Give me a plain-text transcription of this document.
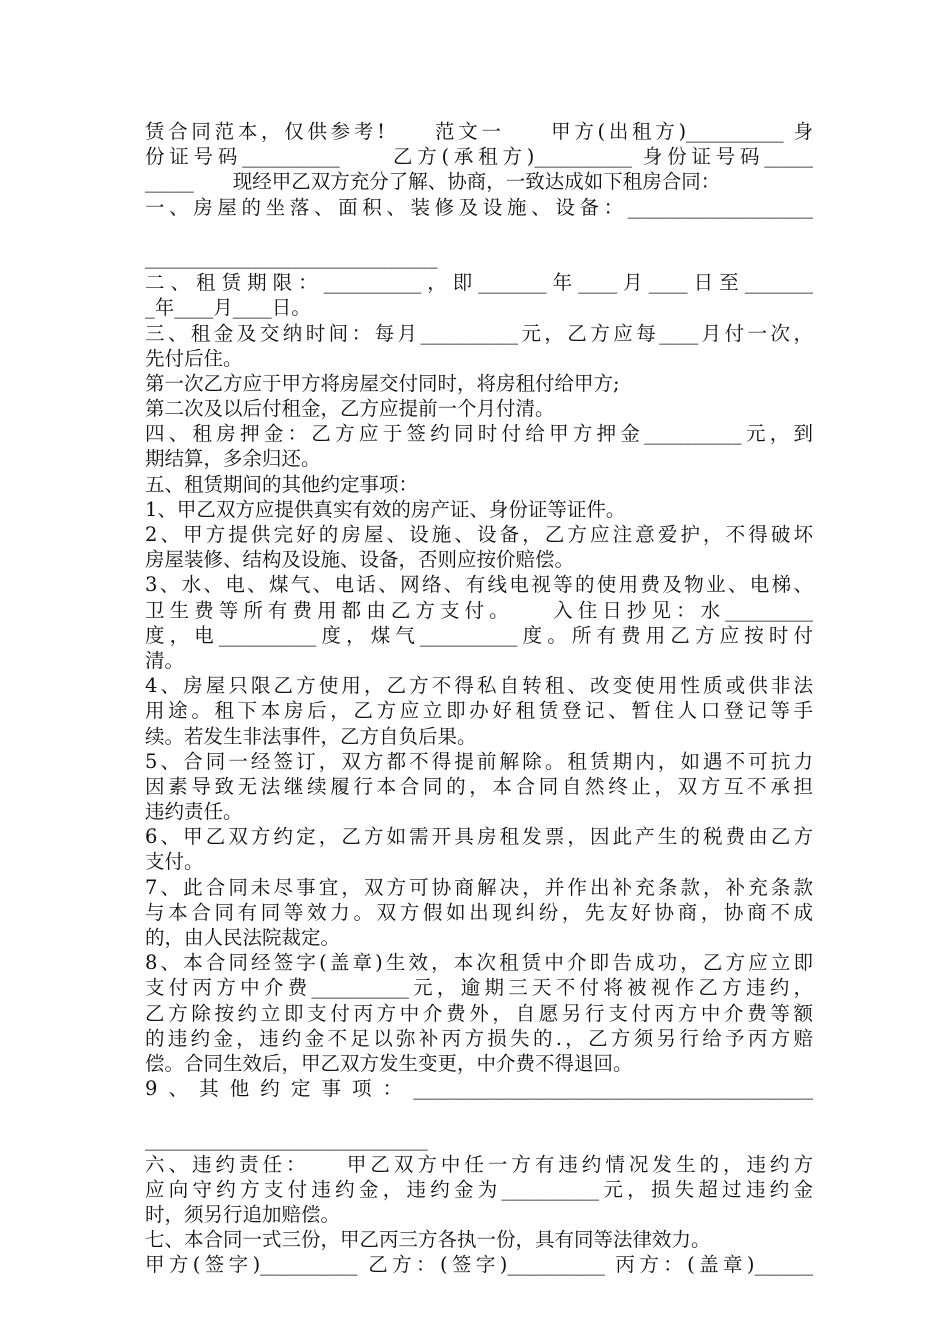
赁合同范本，仅供参考!　　范文一　　甲方(出租方)__________ 身
份证号码__________　　乙方(承租方)__________ 身份证号码_____
_____　　现经甲乙双方充分了解、协商，一致达成如下租房合同：
一、房屋的坐落、面积、装修及设施、设备：___________________
______________________________
二、租赁期限：__________，即_______年____月____日至_______
_年____月____日。
三、租金及交纳时间：每月__________元，乙方应每____月付一次，
先付后住。
第一次乙方应于甲方将房屋交付同时，将房租付给甲方;
第二次及以后付租金，乙方应提前一个月付清。
四、租房押金：乙方应于签约同时付给甲方押金__________元，到
期结算，多余归还。
五、租赁期间的其他约定事项：
1、甲乙双方应提供真实有效的房产证、身份证等证件。
2、甲方提供完好的房屋、设施、设备，乙方应注意爱护，不得破坏
房屋装修、结构及设施、设备，否则应按价赔偿。
3、水、电、煤气、电话、网络、有线电视等的使用费及物业、电梯、
卫生费等所有费用都由乙方支付。　　入住日抄见：水_________
度，电__________度，煤气__________度。所有费用乙方应按时付
清。
4、房屋只限乙方使用，乙方不得私自转租、改变使用性质或供非法
用途。租下本房后，乙方应立即办好租赁登记、暂住人口登记等手
续。若发生非法事件，乙方自负后果。
5、合同一经签订，双方都不得提前解除。租赁期内，如遇不可抗力
因素导致无法继续履行本合同的，本合同自然终止，双方互不承担
违约责任。
6、甲乙双方约定，乙方如需开具房租发票，因此产生的税费由乙方
支付。
7、此合同未尽事宜，双方可协商解决，并作出补充条款，补充条款
与本合同有同等效力。双方假如出现纠纷，先友好协商，协商不成
的，由人民法院裁定。
8、本合同经签字(盖章)生效，本次租赁中介即告成功，乙方应立即
支付丙方中介费__________元，逾期三天不付将被视作乙方违约，
乙方除按约立即支付丙方中介费外，自愿另行支付丙方中介费等额
的违约金，违约金不足以弥补丙方损失的.，乙方须另行给予丙方赔
偿。合同生效后，甲乙双方发生变更，中介费不得退回。
9、其他约定事项：_________________________________________
_____________________________
六、违约责任：　　甲乙双方中任一方有违约情况发生的，违约方
应向守约方支付违约金，违约金为__________元，损失超过违约金
时，须另行追加赔偿。
七、本合同一式三份，甲乙丙三方各执一份，具有同等法律效力。
甲方(签字)__________ 乙方：(签字)__________ 丙方：(盖章)______
